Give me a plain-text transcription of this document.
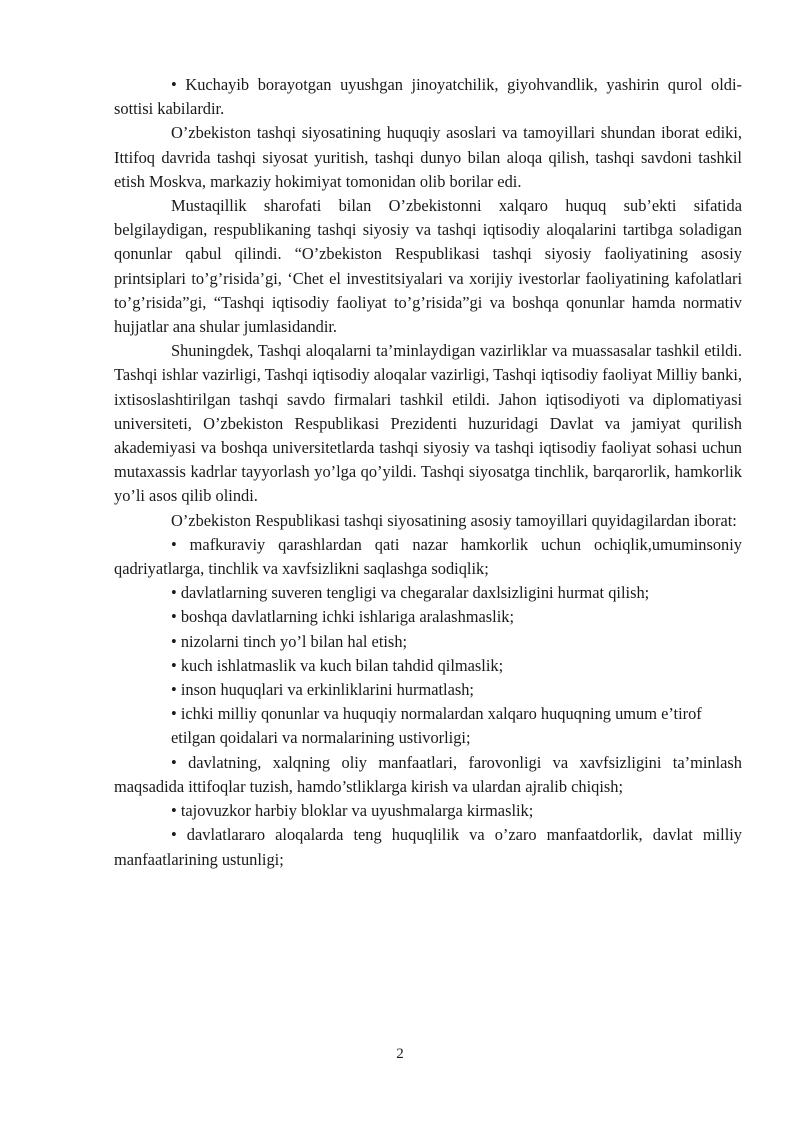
• Kuchayib borayotgan uyushgan jinoyatchilik, giyohvandlik, yashirin qurol oldi-sottisi kabilardir.

O’zbekiston tashqi siyosatining huquqiy asoslari va tamoyillari shundan iborat ediki, Ittifoq davrida tashqi siyosat yuritish, tashqi dunyo bilan aloqa qilish, tashqi savdoni tashkil etish Moskva, markaziy hokimiyat tomonidan olib borilar edi.

Mustaqillik sharofati bilan O’zbekistonni xalqaro huquq sub’ekti sifatida belgilaydigan, respublikaning tashqi siyosiy va tashqi iqtisodiy aloqalarini tartibga soladigan qonunlar qabul qilindi. “O’zbekiston Respublikasi tashqi siyosiy faoliyatining asosiy printsiplari to’g’risida’gi, ‘Chet el investitsiyalari va xorijiy ivestorlar faoliyatining kafolatlari to’g’risida”gi, “Tashqi iqtisodiy faoliyat to’g’risida”gi va boshqa qonunlar hamda normativ hujjatlar ana shular jumlasidandir.

Shuningdek, Tashqi aloqalarni ta’minlaydigan vazirliklar va muassasalar tashkil etildi. Tashqi ishlar vazirligi, Tashqi iqtisodiy aloqalar vazirligi, Tashqi iqtisodiy faoliyat Milliy banki, ixtisoslashtirilgan tashqi savdo firmalari tashkil etildi. Jahon iqtisodiyoti va diplomatiyasi universiteti, O’zbekiston Respublikasi Prezidenti huzuridagi Davlat va jamiyat qurilish akademiyasi va boshqa universitetlarda tashqi siyosiy va tashqi iqtisodiy faoliyat sohasi uchun mutaxassis kadrlar tayyorlash yo’lga qo’yildi. Tashqi siyosatga tinchlik, barqarorlik, hamkorlik yo’li asos qilib olindi.

O’zbekiston Respublikasi tashqi siyosatining asosiy tamoyillari quyidagilardan iborat:

• mafkuraviy qarashlardan qati nazar hamkorlik uchun ochiqlik,umuminsoniy qadriyatlarga, tinchlik va xavfsizlikni saqlashga sodiqlik;

• davlatlarning suveren tengligi va chegaralar daxlsizligini hurmat qilish;

• boshqa davlatlarning ichki ishlariga aralashmaslik;

• nizolarni tinch yo’l bilan hal etish;

• kuch ishlatmaslik va kuch bilan tahdid qilmaslik;

• inson huquqlari va erkinliklarini hurmatlash;

• ichki milliy qonunlar va huquqiy normalardan xalqaro huquqning umum e’tirof

etilgan qoidalari va normalarining ustivorligi;

• davlatning, xalqning oliy manfaatlari, farovonligi va xavfsizligini ta’minlash maqsadida ittifoqlar tuzish, hamdo’stliklarga kirish va ulardan ajralib chiqish;

• tajovuzkor harbiy bloklar va uyushmalarga kirmaslik;

• davlatlararo aloqalarda teng huquqlilik va o’zaro manfaatdorlik, davlat milliy manfaatlarining ustunligi;

2
